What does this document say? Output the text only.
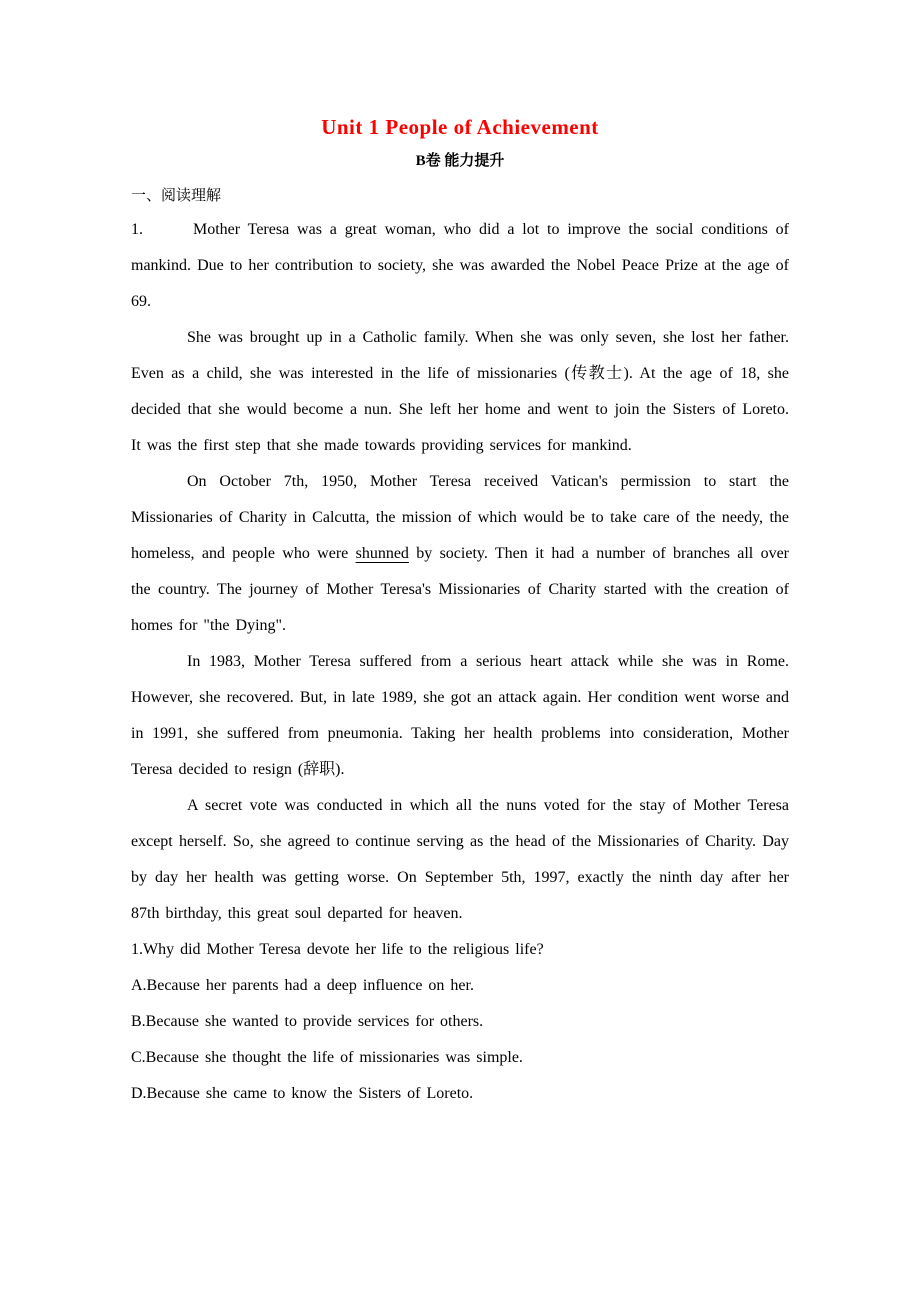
Unit 1 People of Achievement
B卷 能力提升

一、阅读理解

1.	Mother Teresa was a great woman, who did a lot to improve the social conditions of mankind. Due to her contribution to society, she was awarded the Nobel Peace Prize at the age of 69.

She was brought up in a Catholic family. When she was only seven, she lost her father. Even as a child, she was interested in the life of missionaries (传教士). At the age of 18, she decided that she would become a nun. She left her home and went to join the Sisters of Loreto. It was the first step that she made towards providing services for mankind.

On October 7th, 1950, Mother Teresa received Vatican's permission to start the Missionaries of Charity in Calcutta, the mission of which would be to take care of the needy, the homeless, and people who were shunned by society. Then it had a number of branches all over the country. The journey of Mother Teresa's Missionaries of Charity started with the creation of homes for "the Dying".

In 1983, Mother Teresa suffered from a serious heart attack while she was in Rome. However, she recovered. But, in late 1989, she got an attack again. Her condition went worse and in 1991, she suffered from pneumonia. Taking her health problems into consideration, Mother Teresa decided to resign (辞职).

A secret vote was conducted in which all the nuns voted for the stay of Mother Teresa except herself. So, she agreed to continue serving as the head of the Missionaries of Charity. Day by day her health was getting worse. On September 5th, 1997, exactly the ninth day after her 87th birthday, this great soul departed for heaven.

1.Why did Mother Teresa devote her life to the religious life?

A.Because her parents had a deep influence on her.

B.Because she wanted to provide services for others.

C.Because she thought the life of missionaries was simple.

D.Because she came to know the Sisters of Loreto.
